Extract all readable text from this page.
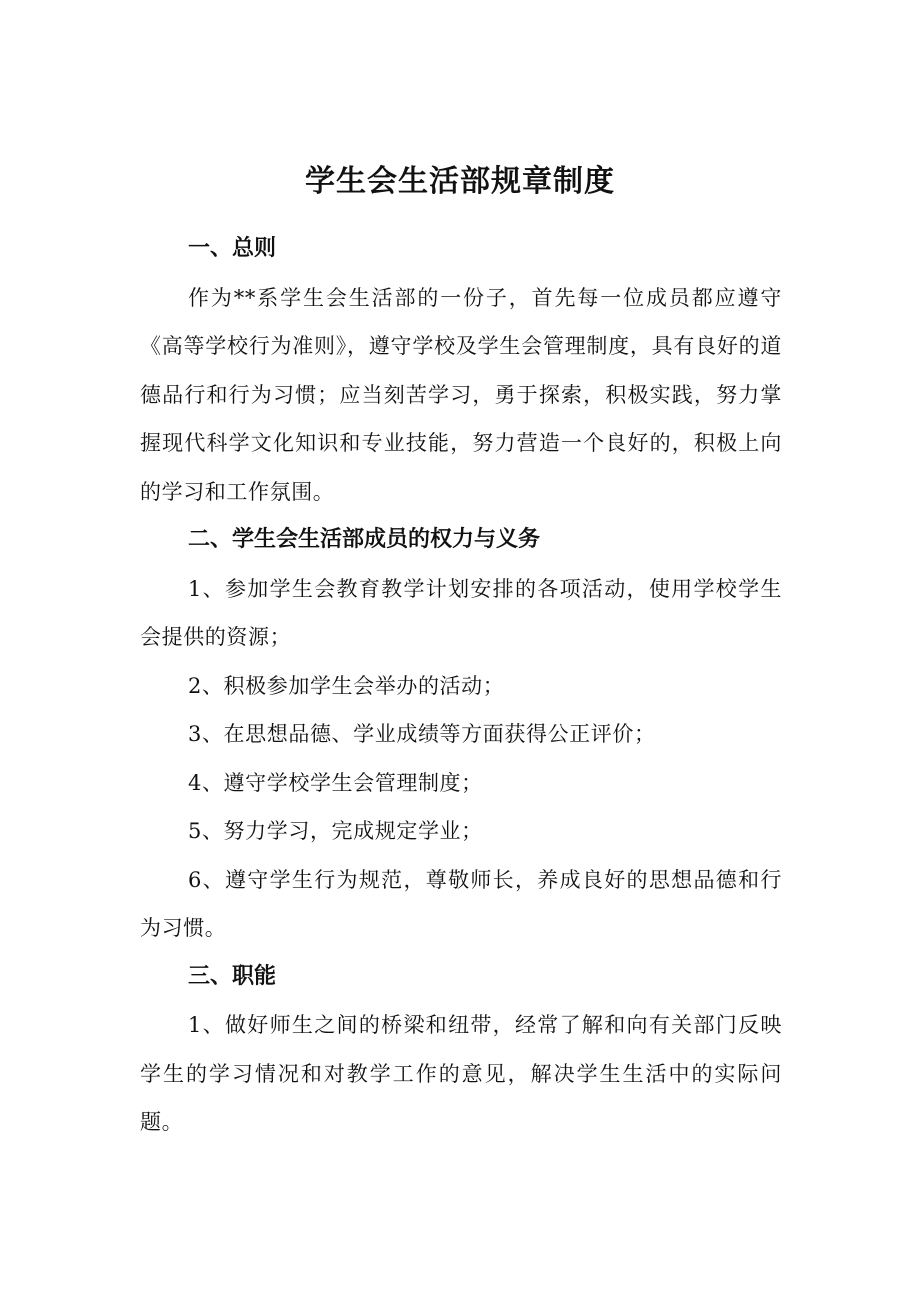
学生会生活部规章制度
一、总则

作为**系学生会生活部的一份子，首先每一位成员都应遵守《高等学校行为准则》，遵守学校及学生会管理制度，具有良好的道德品行和行为习惯；应当刻苦学习，勇于探索，积极实践，努力掌握现代科学文化知识和专业技能，努力营造一个良好的，积极上向的学习和工作氛围。

二、学生会生活部成员的权力与义务

1、参加学生会教育教学计划安排的各项活动，使用学校学生会提供的资源；

2、积极参加学生会举办的活动；

3、在思想品德、学业成绩等方面获得公正评价；

4、遵守学校学生会管理制度；

5、努力学习，完成规定学业；

6、遵守学生行为规范，尊敬师长，养成良好的思想品德和行为习惯。

三、职能

1、做好师生之间的桥梁和纽带，经常了解和向有关部门反映学生的学习情况和对教学工作的意见，解决学生生活中的实际问题。
